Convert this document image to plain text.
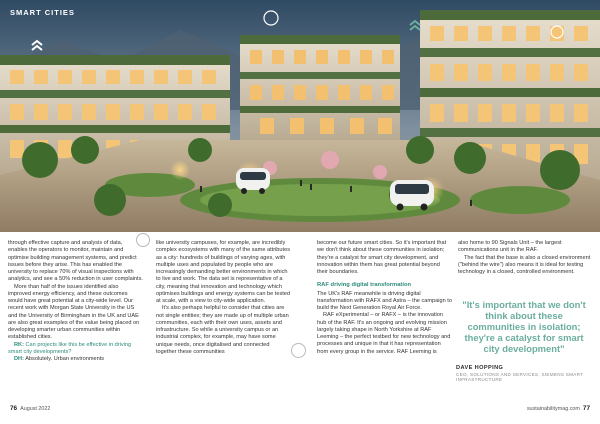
SMART CITIES

through effective capture and analysis of data, enables the operators to monitor, maintain and optimise building management systems, and predict issues before they arise. This has enabled the university to replace 70% of visual inspections with analytics, and see a 50% reduction in user complaints.

More than half of the issues identified also improved energy efficiency, and these outcomes would have great potential at a city-wide level. Our recent work with Morgan State University in the US and the University of Birmingham in the UK and UAE are also great examples of the value being placed on developing smarter urban communities within established cities.

RK: Can projects like this be effective in driving smart city developments?

DH: Absolutely. Urban environments

like university campuses, for example, are incredibly complex ecosystems with many of the same attributes as a city: hundreds of buildings of varying ages, with multiple uses and populated by people who are increasingly demanding better environments in which to live and work. The data set is representative of a city, meaning that innovation and technology which optimises buildings and energy systems can be tested at scale, with a view to city-wide application.

It's also perhaps helpful to consider that cities are not single entities; they are made up of multiple urban communities, each with their own uses, assets and infrastructure. So while a university campus or an industrial complex, for example, may have some unique needs, once digitalised and connected together these communities

become our future smart cities. So it's important that we don't think about these communities in isolation; they're a catalyst for smart city development, and innovation within them has great potential beyond their boundaries.

RAF driving digital transformation

The UK's RAF meanwhile is driving digital transformation with RAFX and Astra – the campaign to build the Next Generation Royal Air Force.

RAF eXperimental – or RAFX – is the innovation hub of the RAF. It's an ongoing and evolving mission largely taking shape in North Yorkshire at RAF Leeming – the perfect testbed for new technology and processes and unique in that it has representation from every group in the service. RAF Leeming is

also home to 90 Signals Unit – the largest communications unit in the RAF.

The fact that the base is also a closed environment ("behind the wire") also means it is ideal for testing technology in a closed, controlled environment.

"It's important that we don't think about these communities in isolation; they're a catalyst for smart city development"
DAVE HOPPING
CEO, SOLUTIONS AND SERVICES, SIEMENS SMART INFRASTRUCTURE
76 August 2022	sustainabilitymag.com 77
